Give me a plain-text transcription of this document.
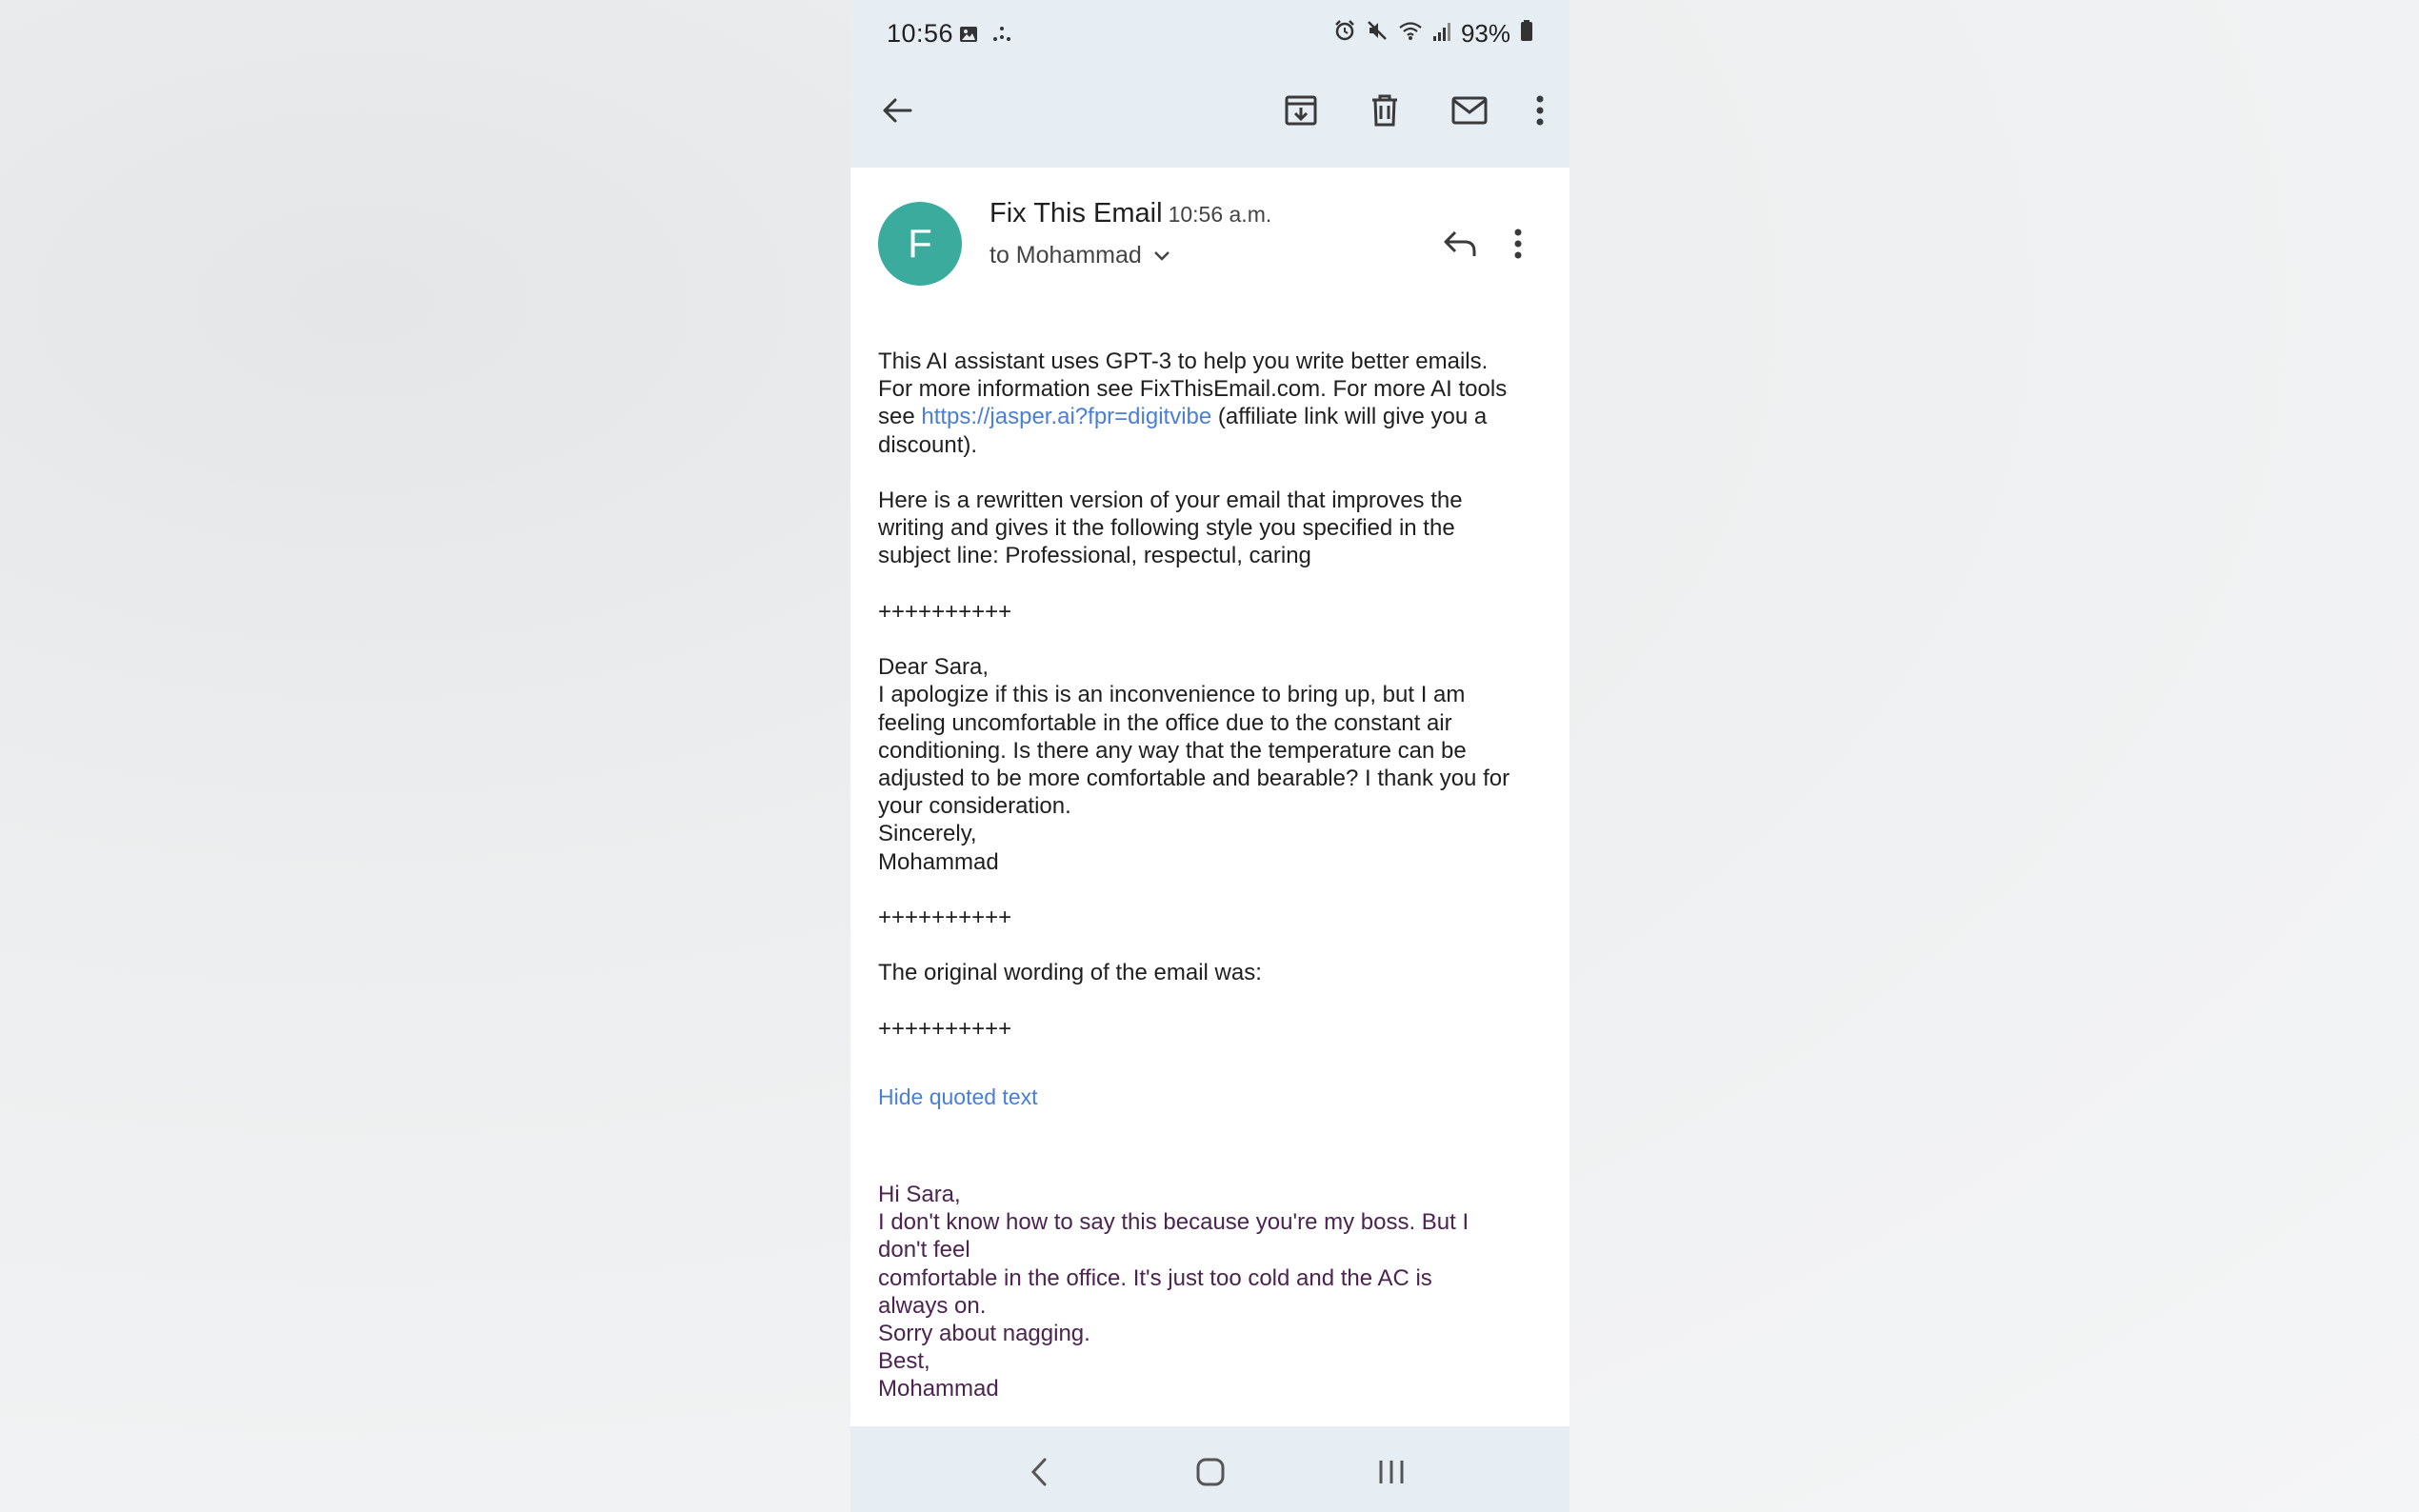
10:56	93%
F
Fix This Email 10:56 a.m.
to Mohammad

This AI assistant uses GPT-3 to help you write better emails.

For more information see FixThisEmail.com. For more AI tools

see https://jasper.ai?fpr=digitvibe (affiliate link will give you a

discount).

Here is a rewritten version of your email that improves the

writing and gives it the following style you specified in the

subject line: Professional, respectul, caring

++++++++++

Dear Sara,

I apologize if this is an inconvenience to bring up, but I am

feeling uncomfortable in the office due to the constant air

conditioning. Is there any way that the temperature can be

adjusted to be more comfortable and bearable? I thank you for

your consideration.

Sincerely,

Mohammad

++++++++++

The original wording of the email was:

++++++++++

Hide quoted text

Hi Sara,

I don't know how to say this because you're my boss. But I

don't feel

comfortable in the office. It's just too cold and the AC is

always on.

Sorry about nagging.

Best,

Mohammad
